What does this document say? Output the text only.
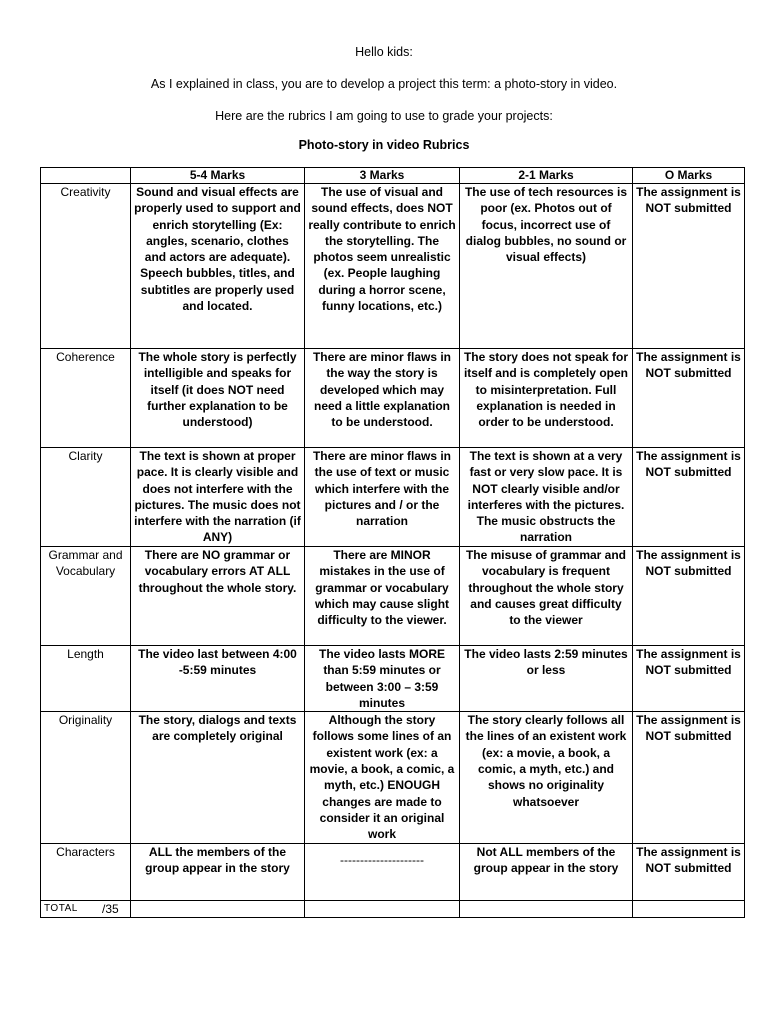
Hello kids:
As I explained in class, you are to develop a project this term: a photo-story in video.
Here are the rubrics I am going to use to grade your projects:
Photo-story in video Rubrics
	5-4 Marks	3 Marks	2-1 Marks	O Marks
Creativity	Sound and visual effects are properly used to support and enrich storytelling (Ex: angles, scenario, clothes and actors are adequate). Speech bubbles, titles, and subtitles are properly used and located.	The use of visual and sound effects, does NOT really contribute to enrich the storytelling. The photos seem unrealistic (ex. People laughing during a horror scene, funny locations, etc.)	The use of tech resources is poor (ex. Photos out of focus, incorrect use of dialog bubbles, no sound or visual effects)	The assignment is NOT submitted
Coherence	The whole story is perfectly intelligible and speaks for itself (it does NOT need further explanation to be understood)	There are minor flaws in the way the story is developed which may need a little explanation to be understood.	The story does not speak for itself and is completely open to misinterpretation. Full explanation is needed in order to be understood.	The assignment is NOT submitted
Clarity	The text is shown at proper pace. It is clearly visible and does not interfere with the pictures. The music does not interfere with the narration (if ANY)	There are minor flaws in the use of text or music which interfere with the pictures and / or the narration	The text is shown at a very fast or very slow pace. It is NOT clearly visible and/or interferes with the pictures. The music obstructs the narration	The assignment is NOT submitted
Grammar and Vocabulary	There are NO grammar or vocabulary errors AT ALL throughout the whole story.	There are MINOR mistakes in the use of grammar or vocabulary which may cause slight difficulty to the viewer.	The misuse of grammar and vocabulary is frequent throughout the whole story and causes great difficulty to the viewer	The assignment is NOT submitted
Length	The video last between 4:00 -5:59 minutes	The video lasts MORE than 5:59 minutes or between 3:00 – 3:59 minutes	The video lasts 2:59 minutes or less	The assignment is NOT submitted
Originality	The story, dialogs and texts are completely original	Although the story follows some lines of an existent work (ex: a movie, a book, a comic, a myth, etc.) ENOUGH changes are made to consider it an original work	The story clearly follows all the lines of an existent work (ex: a movie, a book, a comic, a myth, etc.) and shows no originality whatsoever	The assignment is NOT submitted
Characters	ALL the members of the group appear in the story	---------------------	Not ALL members of the group appear in the story	The assignment is NOT submitted
TOTAL /35				
